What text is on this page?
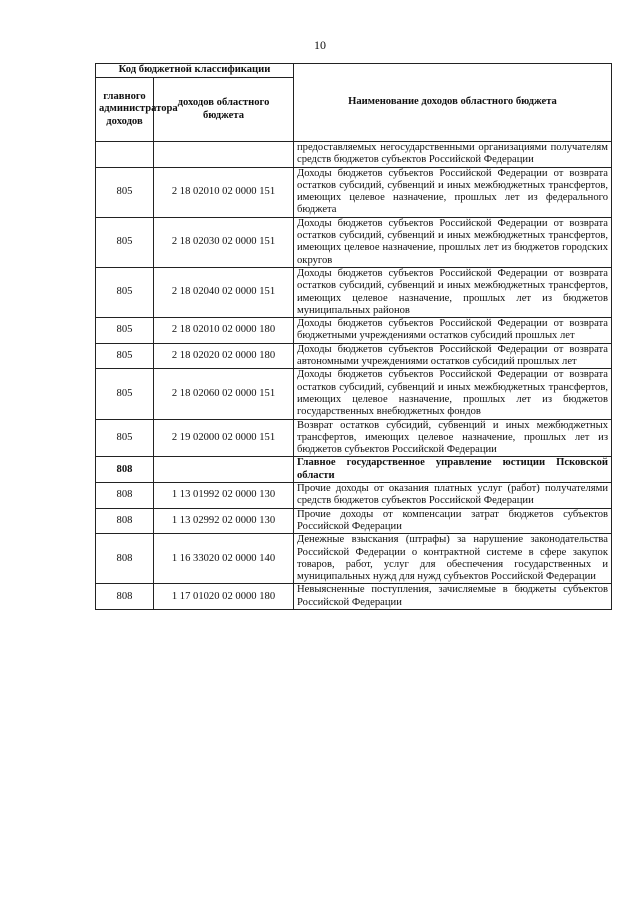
10
Код бюджетной классификации		Наименование доходов областного бюджета
главного администратора доходов	доходов областного бюджета	
		предоставляемых негосударственными организациями получателям средств бюджетов субъектов Российской Федерации
805	2 18 02010 02 0000 151	Доходы бюджетов субъектов Российской Федерации от возврата остатков субсидий, субвенций и иных межбюджетных трансфертов, имеющих целевое назначение, прошлых лет из федерального бюджета
805	2 18 02030 02 0000 151	Доходы бюджетов субъектов Российской Федерации от возврата остатков субсидий, субвенций и иных межбюджетных трансфертов, имеющих целевое назначение, прошлых лет из бюджетов городских округов
805	2 18 02040 02 0000 151	Доходы бюджетов субъектов Российской Федерации от возврата остатков субсидий, субвенций и иных межбюджетных трансфертов, имеющих целевое назначение, прошлых лет из бюджетов муниципальных районов
805	2 18 02010 02 0000 180	Доходы бюджетов субъектов Российской Федерации от возврата бюджетными учреждениями остатков субсидий прошлых лет
805	2 18 02020 02 0000 180	Доходы бюджетов субъектов Российской Федерации от возврата автономными учреждениями остатков субсидий прошлых лет
805	2 18 02060 02 0000 151	Доходы бюджетов субъектов Российской Федерации от возврата остатков субсидий, субвенций и иных межбюджетных трансфертов, имеющих целевое назначение, прошлых лет из бюджетов государственных внебюджетных фондов
805	2 19 02000 02 0000 151	Возврат остатков субсидий, субвенций и иных межбюджетных трансфертов, имеющих целевое назначение, прошлых лет из бюджетов субъектов Российской Федерации
808		Главное государственное управление юстиции Псковской области
808	1 13 01992 02 0000 130	Прочие доходы от оказания платных услуг (работ) получателями средств бюджетов субъектов Российской Федерации
808	1 13 02992 02 0000 130	Прочие доходы от компенсации затрат бюджетов субъектов Российской Федерации
808	1 16 33020 02 0000 140	Денежные взыскания (штрафы) за нарушение законодательства Российской Федерации о контрактной системе в сфере закупок товаров, работ, услуг для обеспечения государственных и муниципальных нужд для нужд субъектов Российской Федерации
808	1 17 01020 02 0000 180	Невыясненные поступления, зачисляемые в бюджеты субъектов Российской Федерации
